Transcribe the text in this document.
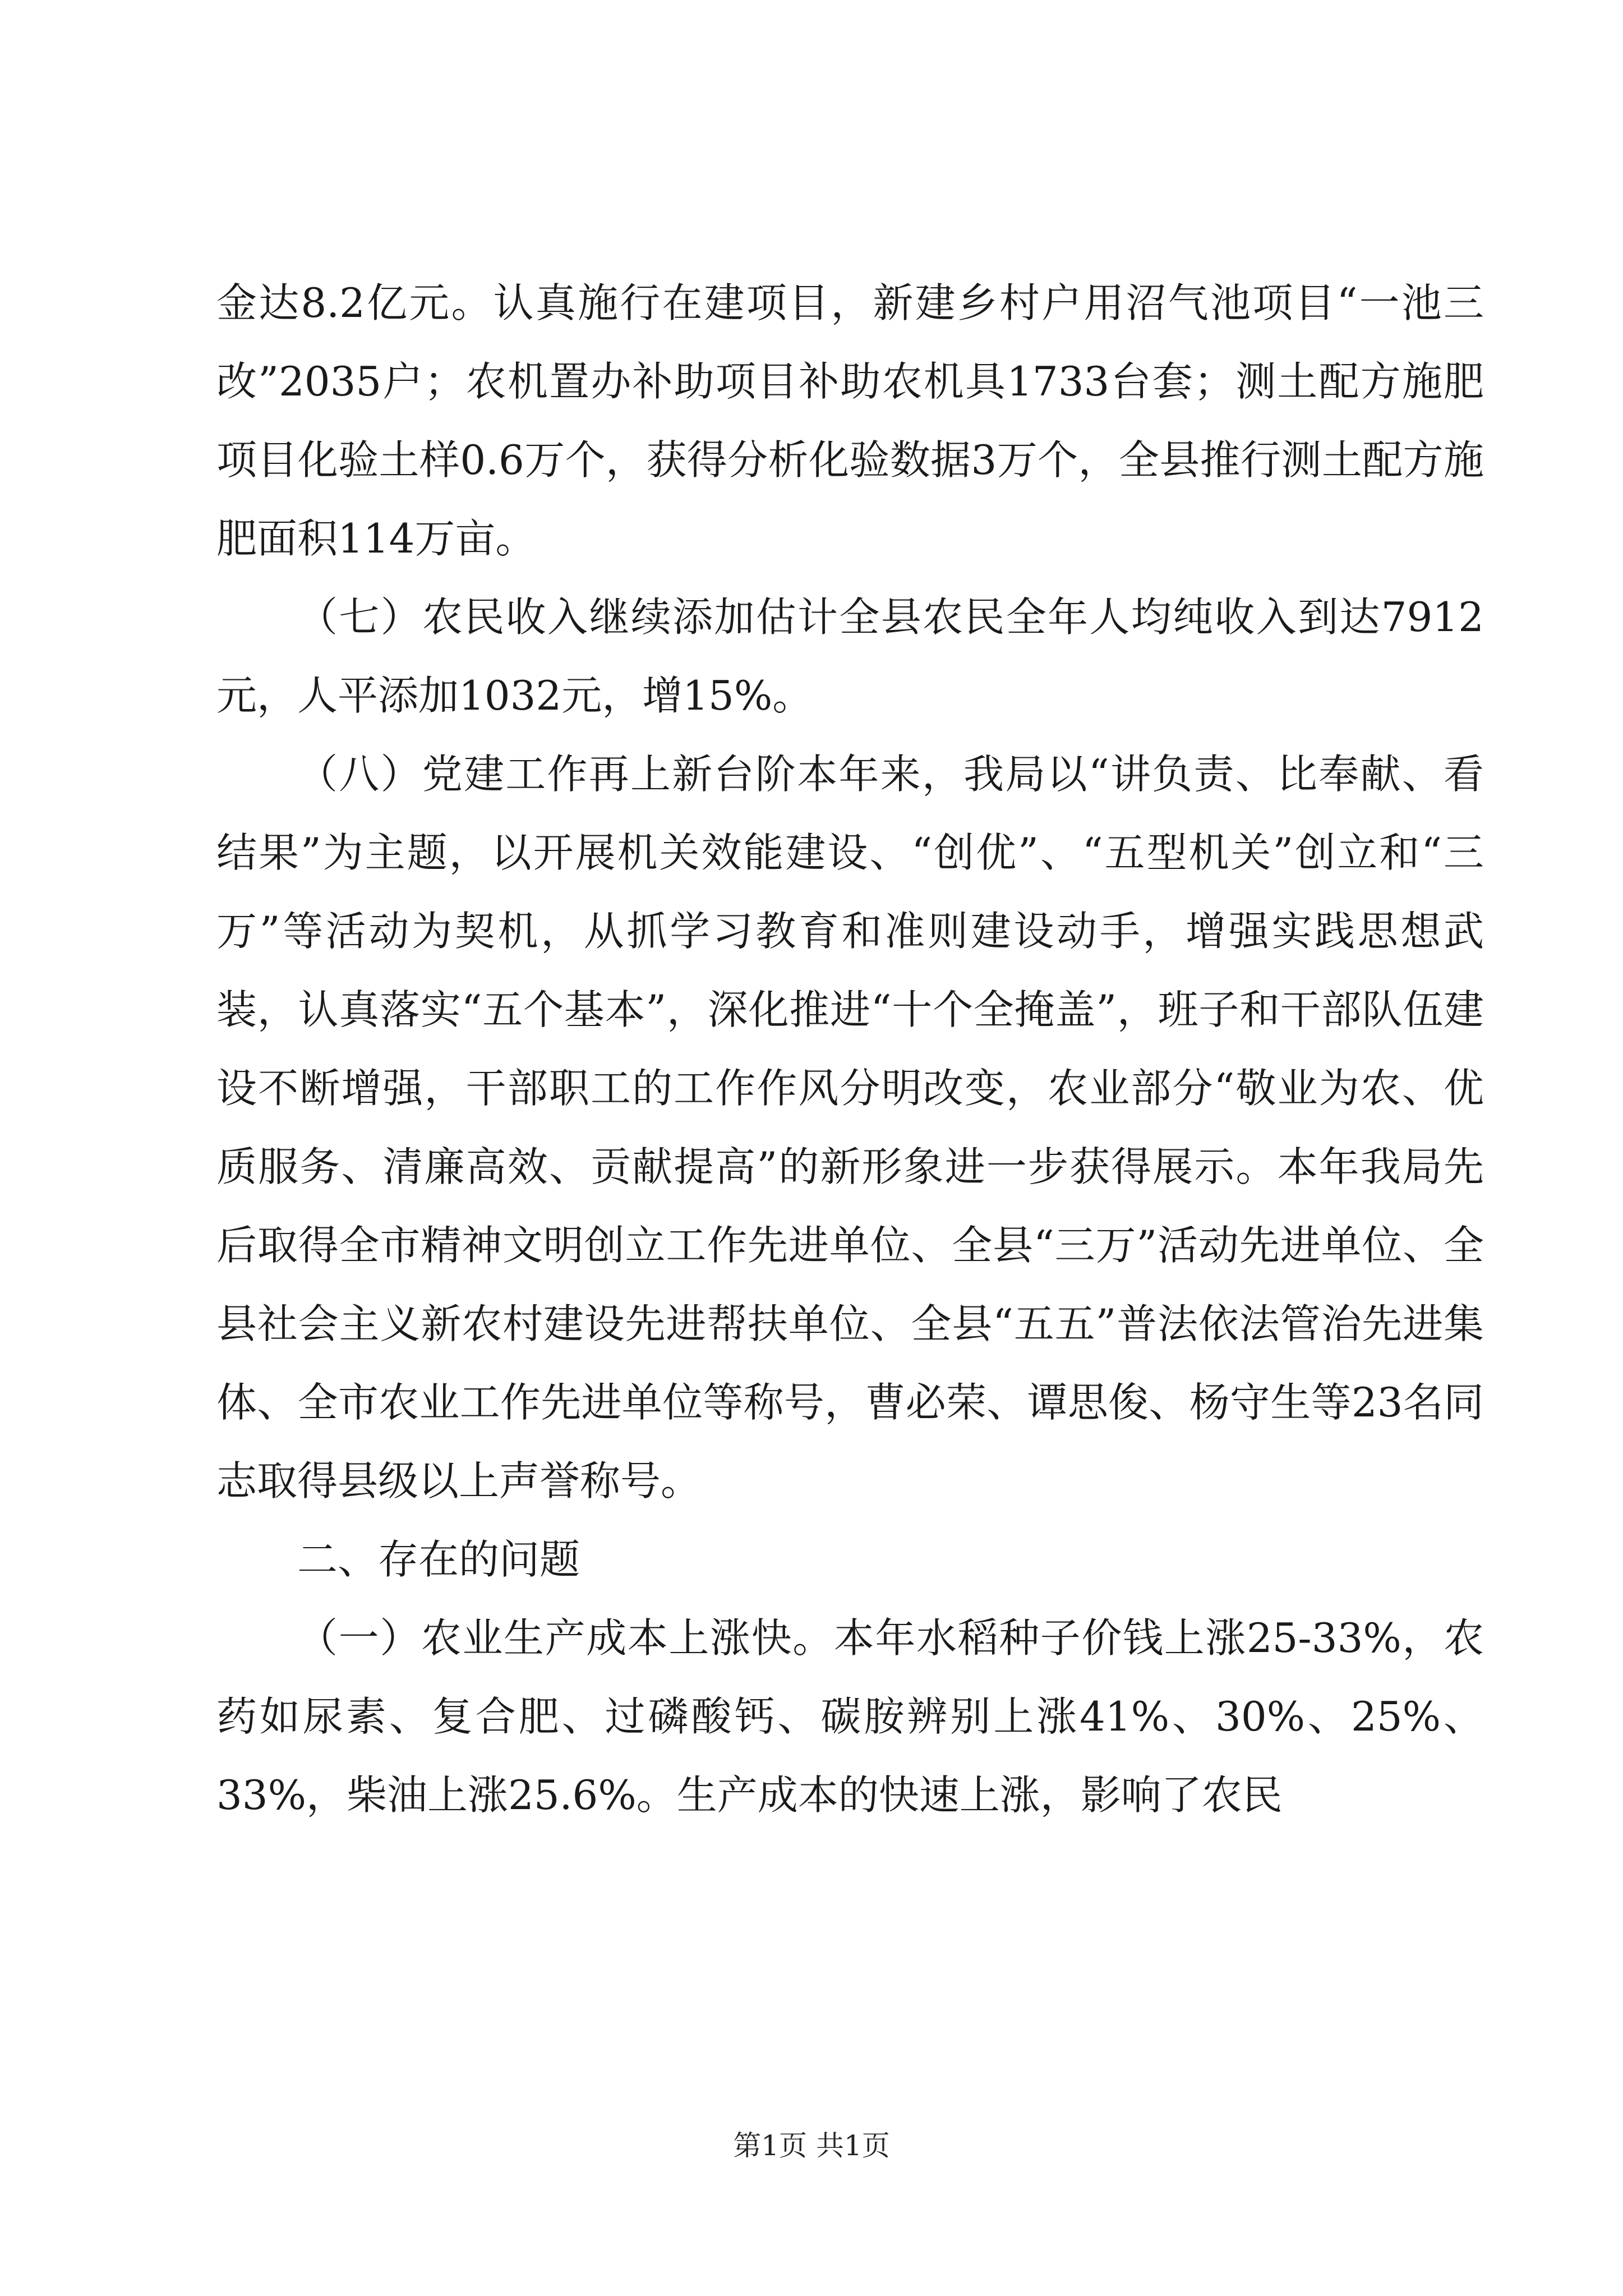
金达8.2亿元。认真施行在建项目，新建乡村户用沼气池项目“一池三改”2035户；农机置办补助项目补助农机具1733台套；测土配方施肥项目化验土样0.6万个，获得分析化验数据3万个，全县推行测土配方施肥面积114万亩。

（七）农民收入继续添加估计全县农民全年人均纯收入到达7912元，人平添加1032元，增15%。

（八）党建工作再上新台阶本年来，我局以“讲负责、比奉献、看结果”为主题，以开展机关效能建设、“创优”、“五型机关”创立和“三万”等活动为契机，从抓学习教育和准则建设动手，增强实践思想武装，认真落实“五个基本”，深化推进“十个全掩盖”，班子和干部队伍建设不断增强，干部职工的工作作风分明改变，农业部分“敬业为农、优质服务、清廉高效、贡献提高”的新形象进一步获得展示。本年我局先后取得全市精神文明创立工作先进单位、全县“三万”活动先进单位、全县社会主义新农村建设先进帮扶单位、全县“五五”普法依法管治先进集体、全市农业工作先进单位等称号，曹必荣、谭思俊、杨守生等23名同志取得县级以上声誉称号。

二、存在的问题

（一）农业生产成本上涨快。本年水稻种子价钱上涨25-33%，农药如尿素、复合肥、过磷酸钙、碳胺辨别上涨41%、30%、25%、33%，柴油上涨25.6%。生产成本的快速上涨，影响了农民

第1页 共1页
